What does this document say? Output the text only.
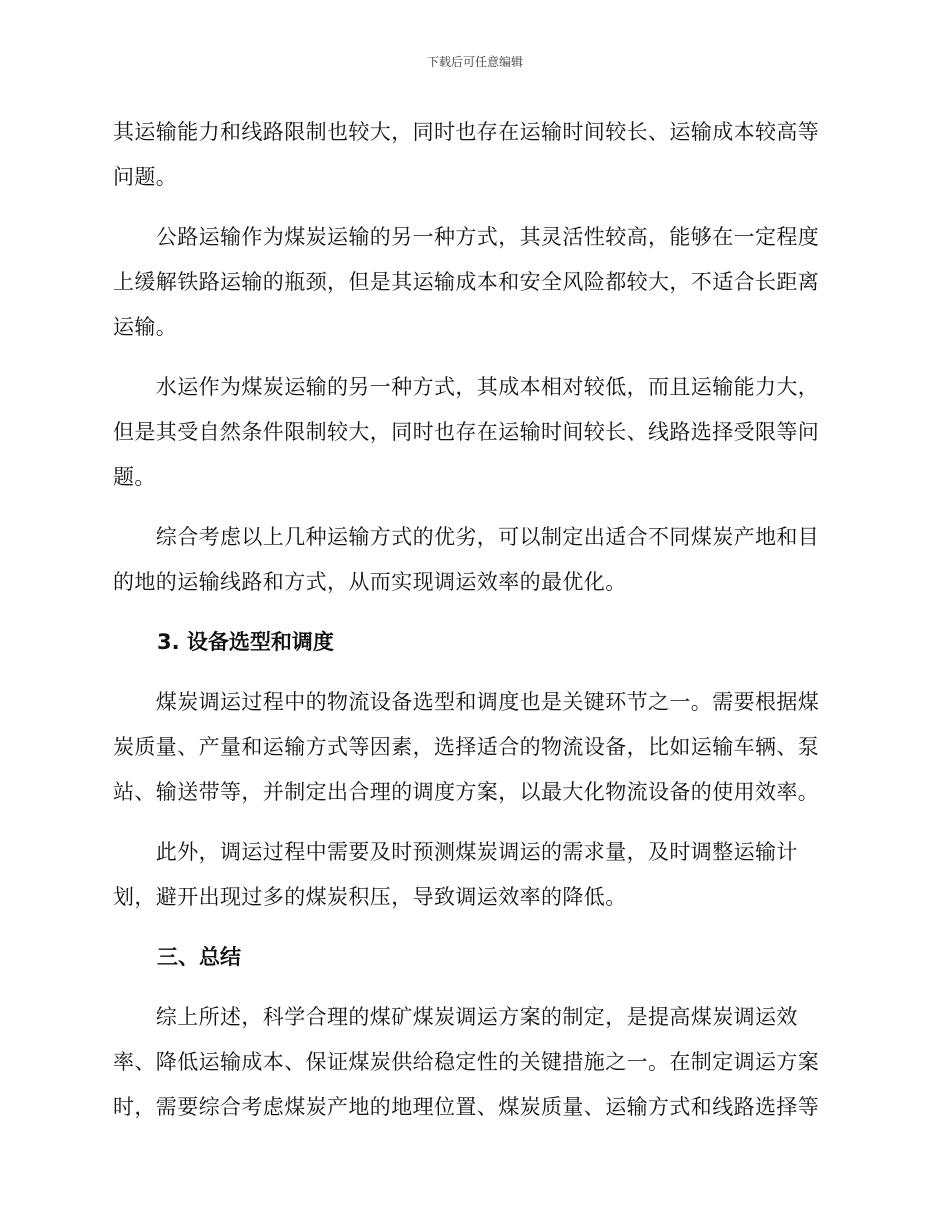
下载后可任意编辑

其运输能力和线路限制也较大，同时也存在运输时间较长、运输成本较高等
问题。

　　公路运输作为煤炭运输的另一种方式，其灵活性较高，能够在一定程度
上缓解铁路运输的瓶颈，但是其运输成本和安全风险都较大，不适合长距离
运输。

　　水运作为煤炭运输的另一种方式，其成本相对较低，而且运输能力大，
但是其受自然条件限制较大，同时也存在运输时间较长、线路选择受限等问
题。

　　综合考虑以上几种运输方式的优劣，可以制定出适合不同煤炭产地和目
的地的运输线路和方式，从而实现调运效率的最优化。

3. 设备选型和调度

　　煤炭调运过程中的物流设备选型和调度也是关键环节之一。需要根据煤
炭质量、产量和运输方式等因素，选择适合的物流设备，比如运输车辆、泵
站、输送带等，并制定出合理的调度方案，以最大化物流设备的使用效率。

　　此外，调运过程中需要及时预测煤炭调运的需求量，及时调整运输计
划，避开出现过多的煤炭积压，导致调运效率的降低。

三、总结

　　综上所述，科学合理的煤矿煤炭调运方案的制定，是提高煤炭调运效
率、降低运输成本、保证煤炭供给稳定性的关键措施之一。在制定调运方案
时，需要综合考虑煤炭产地的地理位置、煤炭质量、运输方式和线路选择等
